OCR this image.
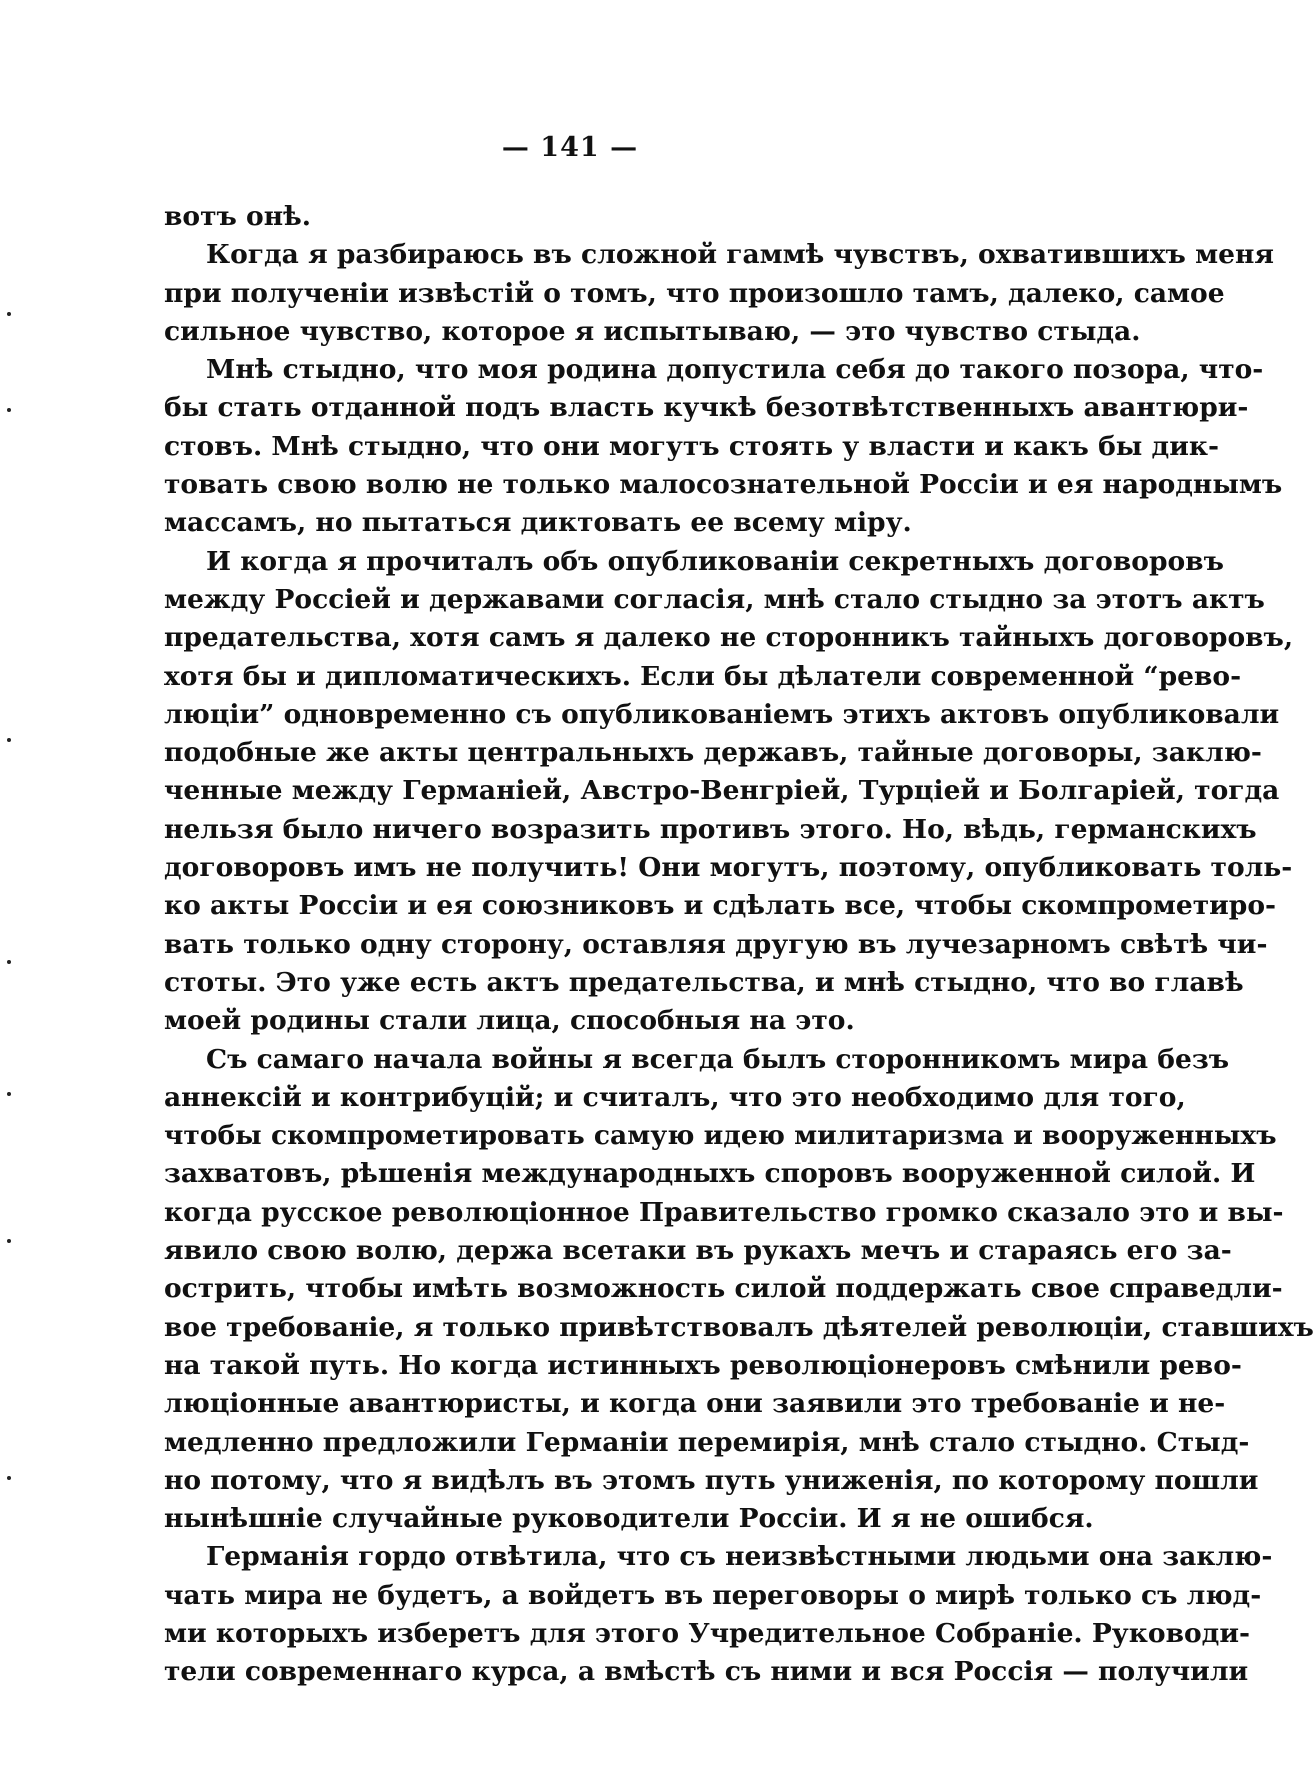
— 141 —
вотъ онѣ.
Когда я разбираюсь въ сложной гаммѣ чувствъ, охватившихъ меня
при полученіи извѣстій о томъ, что произошло тамъ, далеко, самое
сильное чувство, которое я испытываю, — это чувство стыда.
Мнѣ стыдно, что моя родина допустила себя до такого позора, что-
бы стать отданной подъ власть кучкѣ безотвѣтственныхъ авантюри-
стовъ. Мнѣ стыдно, что они могутъ стоять у власти и какъ бы дик-
товать свою волю не только малосознательной Россіи и ея народнымъ
массамъ, но пытаться диктовать ее всему міру.
И когда я прочиталъ объ опубликованіи секретныхъ договоровъ
между Россіей и державами согласія, мнѣ стало стыдно за этотъ актъ
предательства, хотя самъ я далеко не сторонникъ тайныхъ договоровъ,
хотя бы и дипломатическихъ. Если бы дѣлатели современной “рево-
люціи” одновременно съ опубликованіемъ этихъ актовъ опубликовали
подобные же акты центральныхъ державъ, тайные договоры, заклю-
ченные между Германіей, Австро-Венгріей, Турціей и Болгаріей, тогда
нельзя было ничего возразить противъ этого. Но, вѣдь, германскихъ
договоровъ имъ не получить! Они могутъ, поэтому, опубликовать толь-
ко акты Россіи и ея союзниковъ и сдѣлать все, чтобы скомпрометиро-
вать только одну сторону, оставляя другую въ лучезарномъ свѣтѣ чи-
стоты. Это уже есть актъ предательства, и мнѣ стыдно, что во главѣ
моей родины стали лица, способныя на это.
Съ самаго начала войны я всегда былъ сторонникомъ мира безъ
аннексій и контрибуцій; и считалъ, что это необходимо для того,
чтобы скомпрометировать самую идею милитаризма и вооруженныхъ
захватовъ, рѣшенія международныхъ споровъ вооруженной силой. И
когда русское революціонное Правительство громко сказало это и вы-
явило свою волю, держа всетаки въ рукахъ мечъ и стараясь его за-
острить, чтобы имѣть возможность силой поддержать свое справедли-
вое требованіе, я только привѣтствовалъ дѣятелей революціи, ставшихъ
на такой путь. Но когда истинныхъ революціонеровъ смѣнили рево-
люціонные авантюристы, и когда они заявили это требованіе и не-
медленно предложили Германіи перемирія, мнѣ стало стыдно. Стыд-
но потому, что я видѣлъ въ этомъ путь униженія, по которому пошли
нынѣшніе случайные руководители Россіи. И я не ошибся.
Германія гордо отвѣтила, что съ неизвѣстными людьми она заклю-
чать мира не будетъ, а войдетъ въ переговоры о мирѣ только съ люд-
ми которыхъ изберетъ для этого Учредительное Собраніе. Руководи-
тели современнаго курса, а вмѣстѣ съ ними и вся Россія — получили
